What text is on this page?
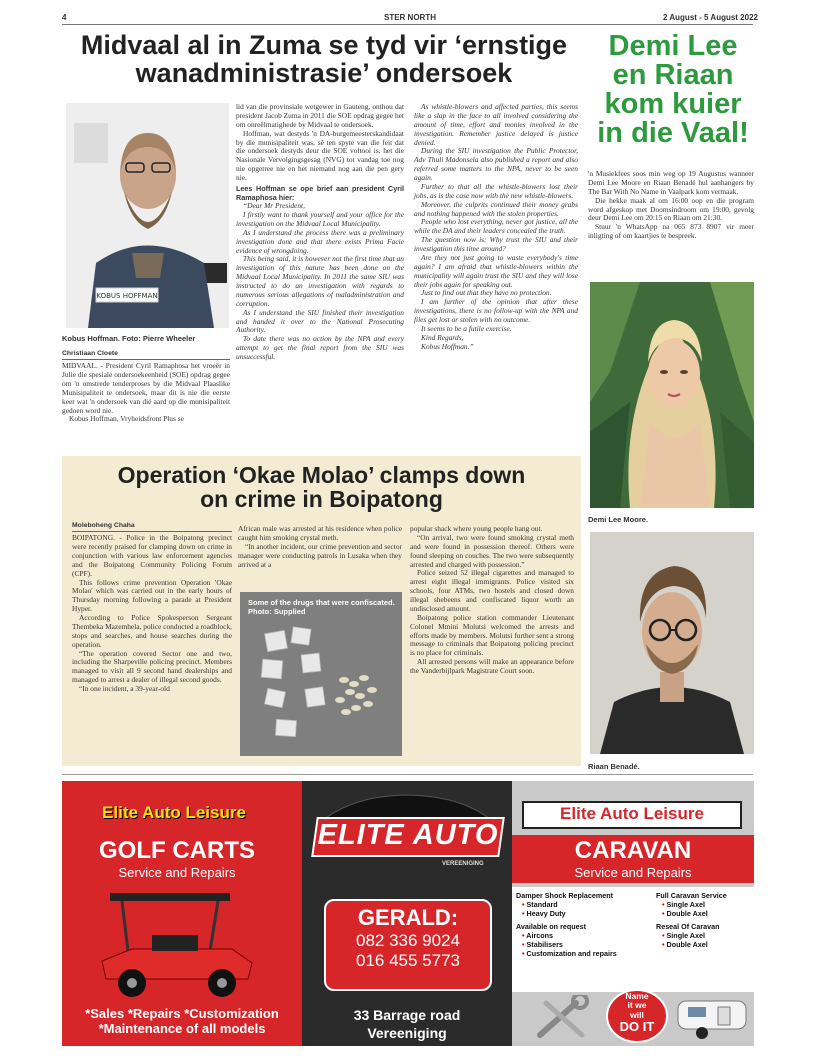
4	STER NORTH	2 August - 5 August 2022
Midvaal al in Zuma se tyd vir ‘ernstige
wanadministrasie’ ondersoek
KOBUS HOFFMAN
Kobus Hoffman. Foto: Pierre Wheeler
Christiaan Cloete

MIDVAAL. - President Cyril Ramaphosa het vroeër in Julie die spesiale ondersoekeenheid (SOE) opdrag gegee om 'n omstrede tenderproses by die Midvaal Plaaslike Munisipaliteit te ondersoek, maar dit is nie die eerste keer wat 'n ondersoek van dié aard op die munisipaliteit gedoen word nie.

Kobus Hoffman, Vryheidsfront Plus se

lid van die provinsiale wetgewer in Gauteng, onthou dat president Jacob Zuma in 2011 die SOE opdrag gegee het om onreëlmatighede by Midvaal te ondersoek.

Hoffman, wat destyds 'n DA-burgemeesterskandidaat by die munisipaliteit was, sê ten spyte van die feit dat die ondersoek destyds deur die SOE voltooi is, het die Nasionale Vervolgingsgesag (NVG) tot vandag toe nog nie opgetree nie en het niemand nog aan die pen gery nie.

Lees Hoffman se ope brief aan president Cyril Ramaphosa hier:

“Dear Mr President,

I firstly want to thank yourself and your office for the investigation on the Midvaal Local Municipality.

As I understand the process there was a preliminary investigation done and that there exists Prima Facie evidence of wrongdoing.

This being said, it is however not the first time that an investigation of this nature has been done on the Midvaal Local Municipality. In 2011 the same SIU was instructed to do an investigation with regards to numerous serious allegations of maladministration and corruption.

As I understand the SIU finished their investigation and handed it over to the National Prosecuting Authority.

To date there was no action by the NPA and every attempt to get the final report from the SIU was unsuccessful.

As whistle-blowers and affected parties, this seems like a slap in the face to all involved considering the amount of time, effort and monies involved in the investigation. Remember justice delayed is justice denied.

During the SIU investigation the Public Protector, Adv Thuli Madonsela also published a report and also referred some matters to the NPA, never to be seen again.

Further to that all the whistle-blowers lost their jobs, as is the case now with the new whistle-blowers.

Moreover, the culprits continued their money grabs and nothing happened with the stolen properties.

People who lost everything, never got justice, all the while the DA and their leaders concealed the truth.

The question now is: Why trust the SIU and their investigation this time around?

Are they not just going to waste everybody's time again? I am afraid that whistle-blowers within the municipality will again trust the SIU and they will lose their jobs again for speaking out.

Just to find out that they have no protection.

I am further of the opinion that after these investigations, there is no follow-up with the NPA and files get lost or stolen with no outcome.

It seems to be a futile exercise.

Kind Regards,

Kobus Hoffman.”

Demi Lee
en Riaan
kom kuier
in die Vaal!

'n Musiekfees soos min weg op 19 Augustus wanneer Demi Lee Moore en Riaan Benadé hul aanhangers by The Bar With No Name in Vaalpark kom vermaak.

Die hekke maak al om 16:00 oop en die program word afgeskop met Doomsindroom om 19:00, gevolg deur Demi Lee om 20:15 en Riaan om 21:30.

Stuur 'n WhatsApp na 065 873 8907 vir meer inligting of om kaartjies te bespreek.

Demi Lee Moore.
Riaan Benadé.
Operation ‘Okae Molao’ clamps down
on crime in Boipatong
Moleboheng Chaha

BOIPATONG. - Police in the Boipatong precinct were recently praised for clamping down on crime in conjunction with various law enforcement agencies and the Boipatong Community Policing Forum (CPF).

This follows crime prevention Operation 'Okae Molao' which was carried out in the early hours of Thursday morning following a parade at President Hyper.

According to Police Spokesperson Sergeant Thembeka Mazemhela, police conducted a roadblock, stops and searches, and house searches during the operation.

“The operation covered Sector one and two, including the Sharpeville policing precinct. Members managed to visit all 9 second hand dealerships and managed to arrest a dealer of illegal second goods.

“In one incident, a 39-year-old

African male was arrested at his residence when police caught him smoking crystal meth.

“In another incident, our crime prevention and sector manager were conducting patrols in Lusaka when they arrived at a

Some of the drugs that were confiscated. Photo: Supplied

popular shack where young people hang out.

“On arrival, two were found smoking crystal meth and were found in possession thereof. Others were found sleeping on couches. The two were subsequently arrested and charged with possession.”

Police seized 52 illegal cigarettes and managed to arrest eight illegal immigrants. Police visited six schools, four ATMs, two hostels and closed down illegal shebeens and confiscated liquor worth an undisclosed amount.

Boipatong police station commander Lieutenant Colonel Mmini Molutsi welcomed the arrests and efforts made by members. Molutsi further sent a strong message to criminals that Boipatong policing precinct is no place for criminals.

All arrested persons will make an appearance before the Vanderbijlpark Magistrate Court soon.

Elite Auto Leisure
GOLF CARTS
Service and Repairs
*Sales *Repairs *Customization
*Maintenance of all models
ELITE AUTO
VEREENIGING
GERALD:
082 336 9024
016 455 5773
33 Barrage road
Vereeniging
Elite Auto Leisure
CARAVAN
Service and Repairs
Damper Shock Replacement
• Standard
• Heavy Duty
Available on request
• Aircons
• Stabilisers
• Customization and repairs
Full Caravan Service
• Single Axel
• Double Axel
Reseal Of Caravan
• Single Axel
• Double Axel
Name
it we
will
DO IT
